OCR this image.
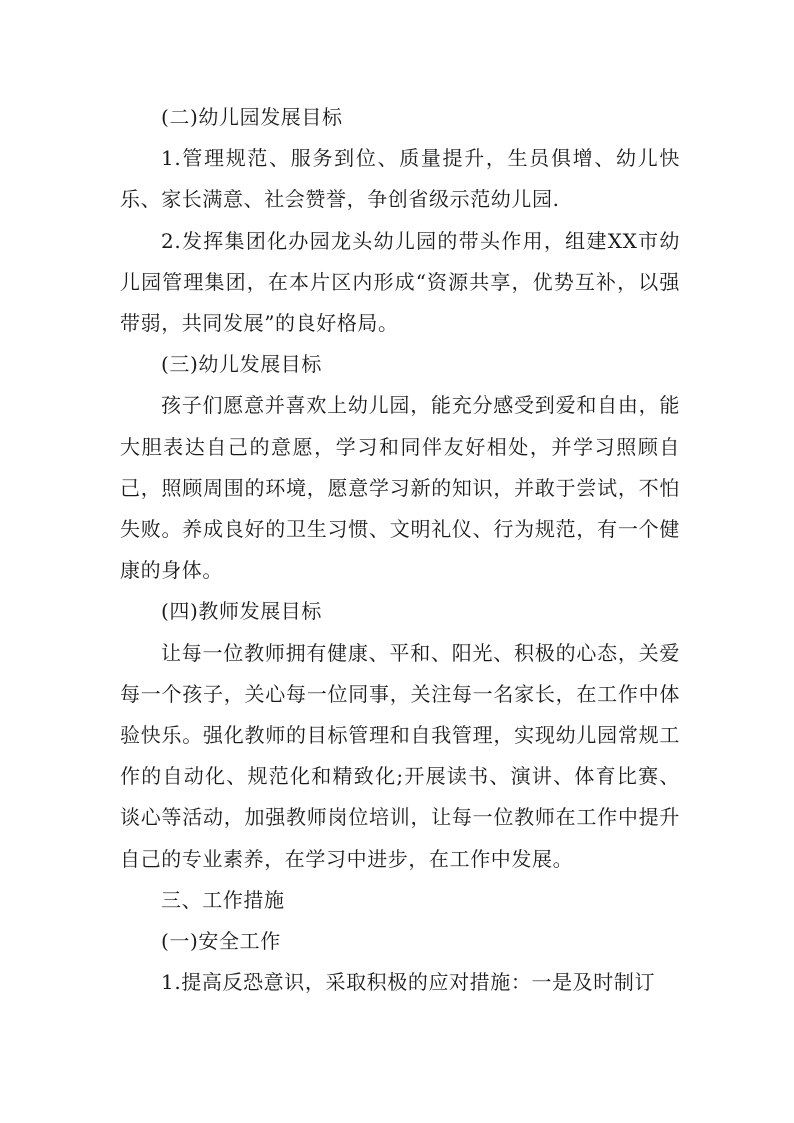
(二)幼儿园发展目标

1.管理规范、服务到位、质量提升，生员俱增、幼儿快乐、家长满意、社会赞誉，争创省级示范幼儿园.

2.发挥集团化办园龙头幼儿园的带头作用，组建XX市幼儿园管理集团，在本片区内形成“资源共享，优势互补，以强带弱，共同发展”的良好格局。

(三)幼儿发展目标

孩子们愿意并喜欢上幼儿园，能充分感受到爱和自由，能大胆表达自己的意愿，学习和同伴友好相处，并学习照顾自己，照顾周围的环境，愿意学习新的知识，并敢于尝试，不怕失败。养成良好的卫生习惯、文明礼仪、行为规范，有一个健康的身体。

(四)教师发展目标

让每一位教师拥有健康、平和、阳光、积极的心态，关爱每一个孩子，关心每一位同事，关注每一名家长，在工作中体验快乐。强化教师的目标管理和自我管理，实现幼儿园常规工作的自动化、规范化和精致化;开展读书、演讲、体育比赛、谈心等活动，加强教师岗位培训，让每一位教师在工作中提升自己的专业素养，在学习中进步，在工作中发展。

三、工作措施

(一)安全工作

1.提高反恐意识，采取积极的应对措施：一是及时制订
